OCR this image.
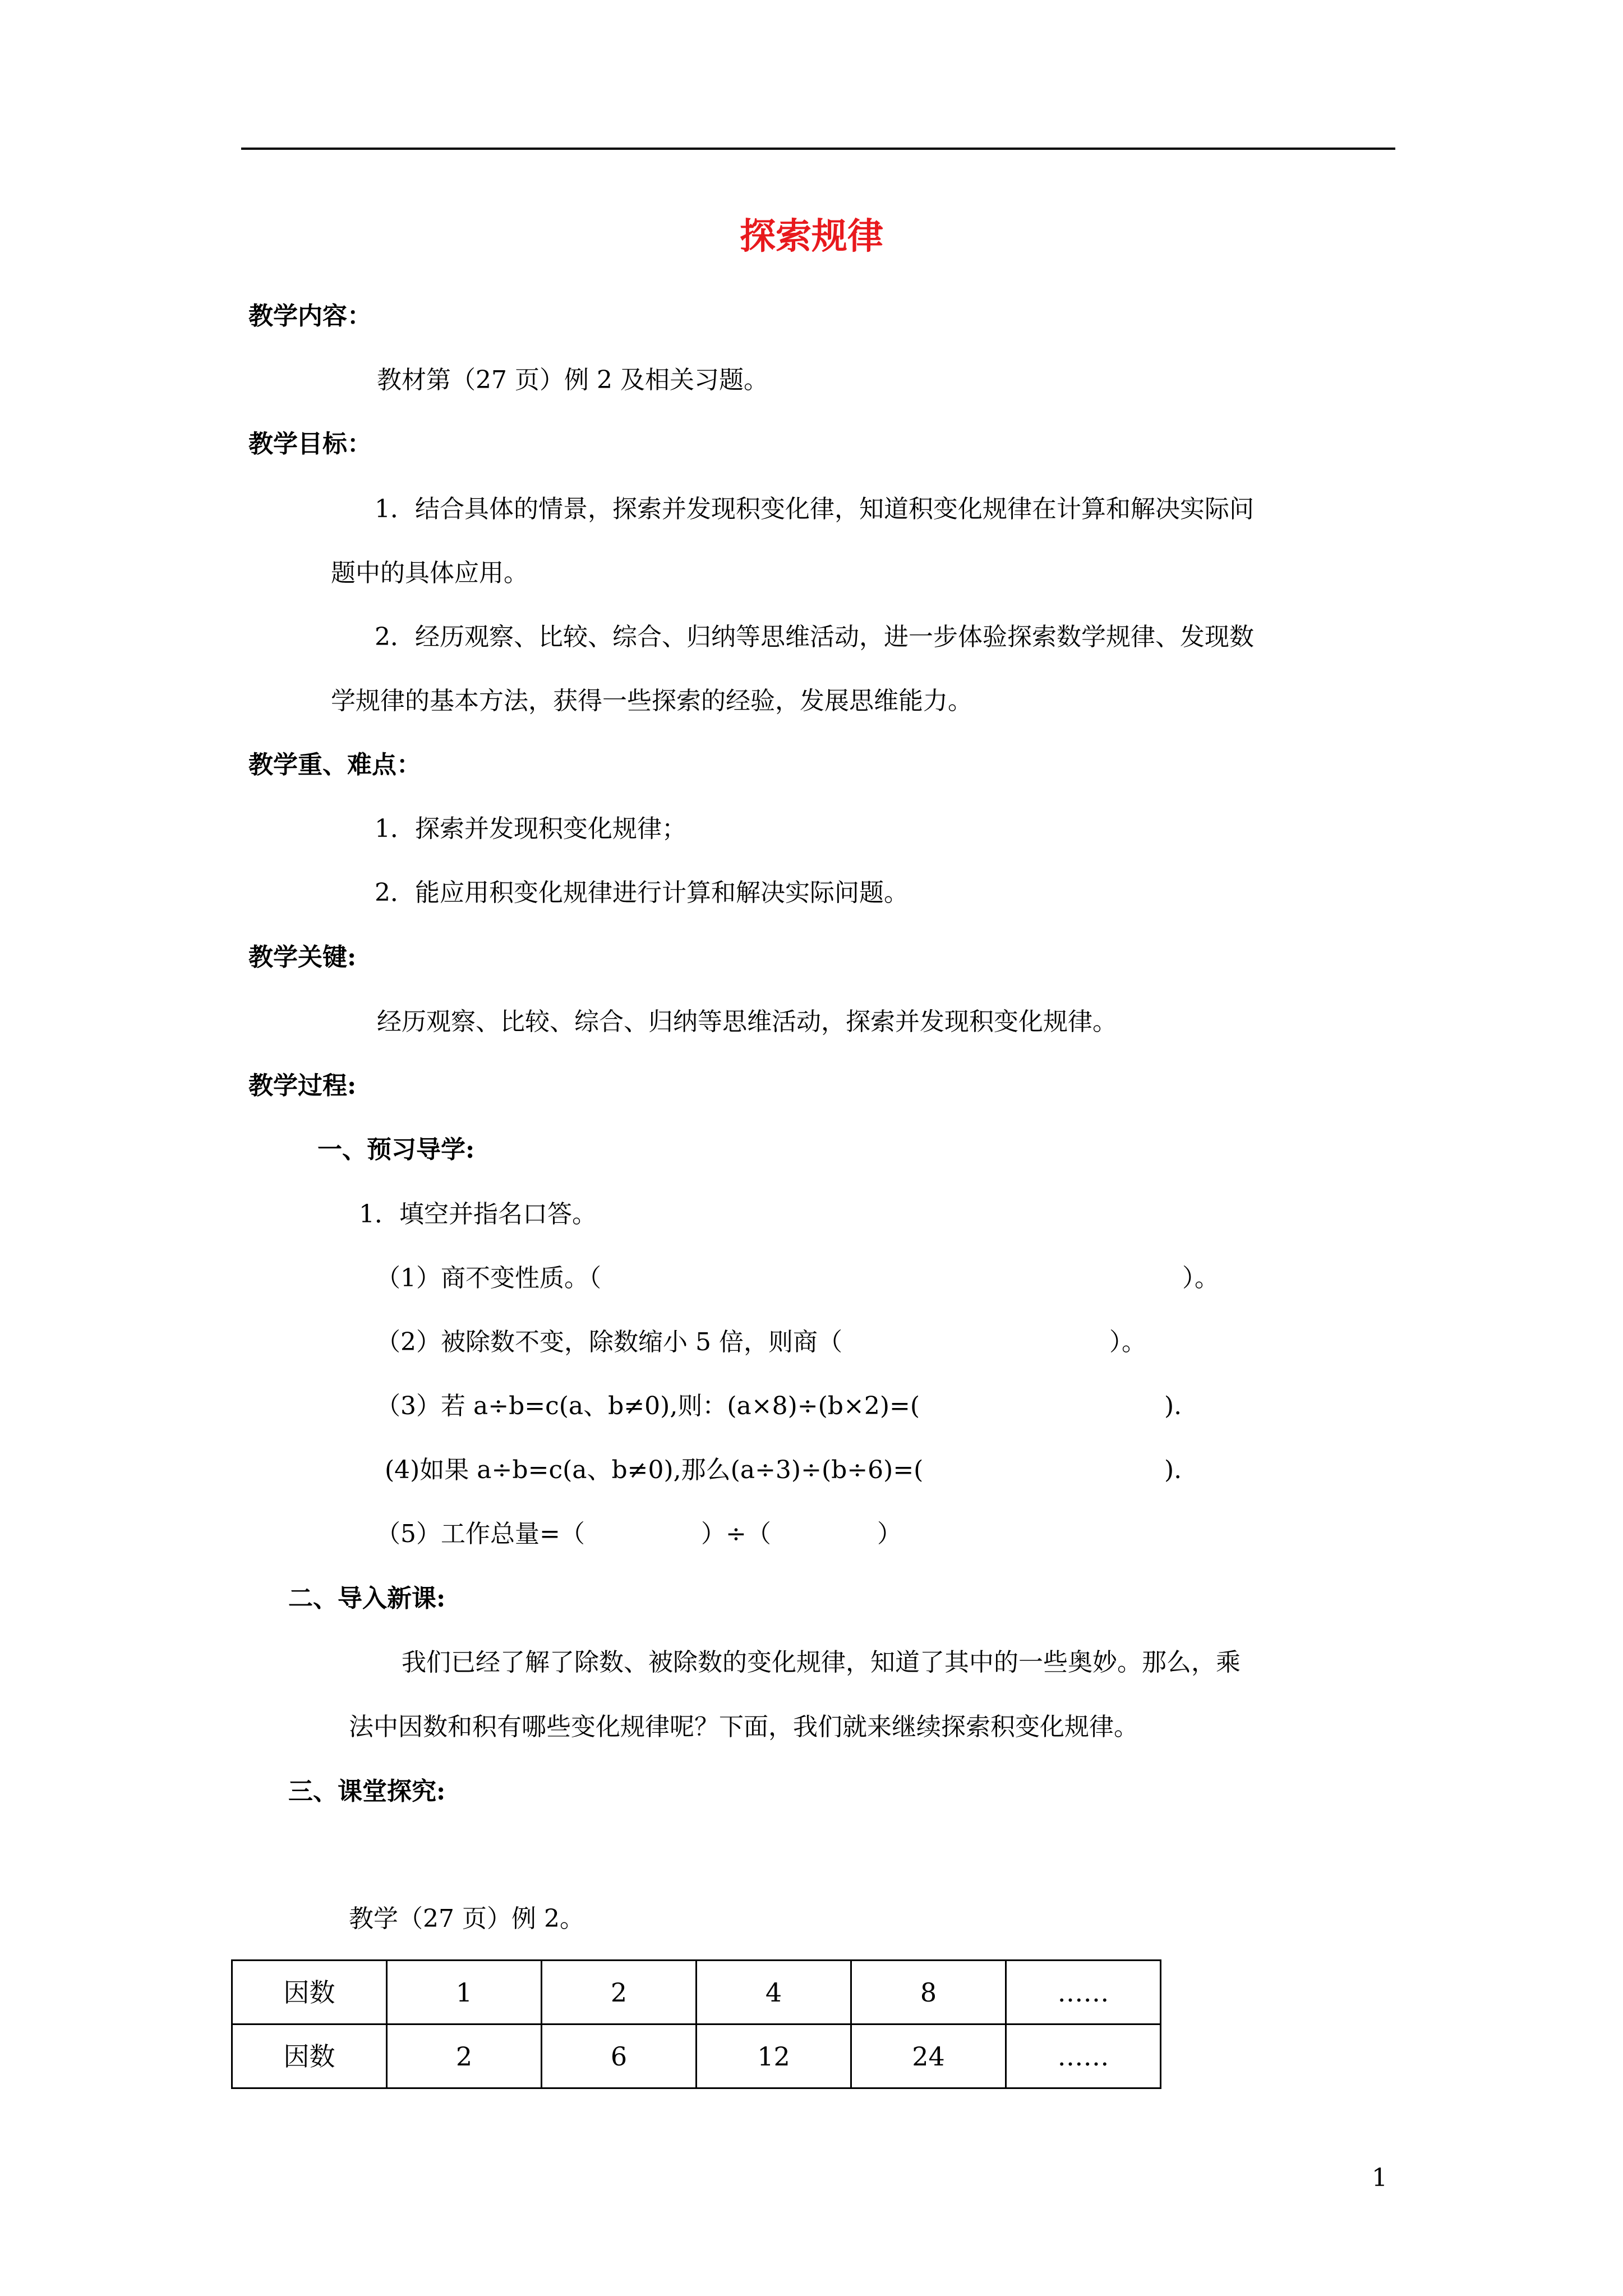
探索规律
教学内容：
教材第（27 页）例 2 及相关习题。
教学目标：
1．结合具体的情景，探索并发现积变化律，知道积变化规律在计算和解决实际问
题中的具体应用。
2．经历观察、比较、综合、归纳等思维活动，进一步体验探索数学规律、发现数
学规律的基本方法，获得一些探索的经验，发展思维能力。
教学重、难点：
1．探索并发现积变化规律；
2．能应用积变化规律进行计算和解决实际问题。
教学关键:
经历观察、比较、综合、归纳等思维活动，探索并发现积变化规律。
教学过程:
一、预习导学:
1．填空并指名口答。
（1）商不变性质。（	）。
（2）被除数不变，除数缩小 5 倍，则商（	）。
（3）若 a÷b=c(a、b≠0),则：(a×8)÷(b×2)=(	).
(4)如果 a÷b=c(a、b≠0),那么(a÷3)÷(b÷6)=(	).
（5）工作总量=（	）÷（	）
二、导入新课:
我们已经了解了除数、被除数的变化规律，知道了其中的一些奥妙。那么，乘
法中因数和积有哪些变化规律呢？下面，我们就来继续探索积变化规律。
三、课堂探究:
教学（27 页）例 2。
因数	1	2	4	8	……
因数	2	6	12	24	……
1
